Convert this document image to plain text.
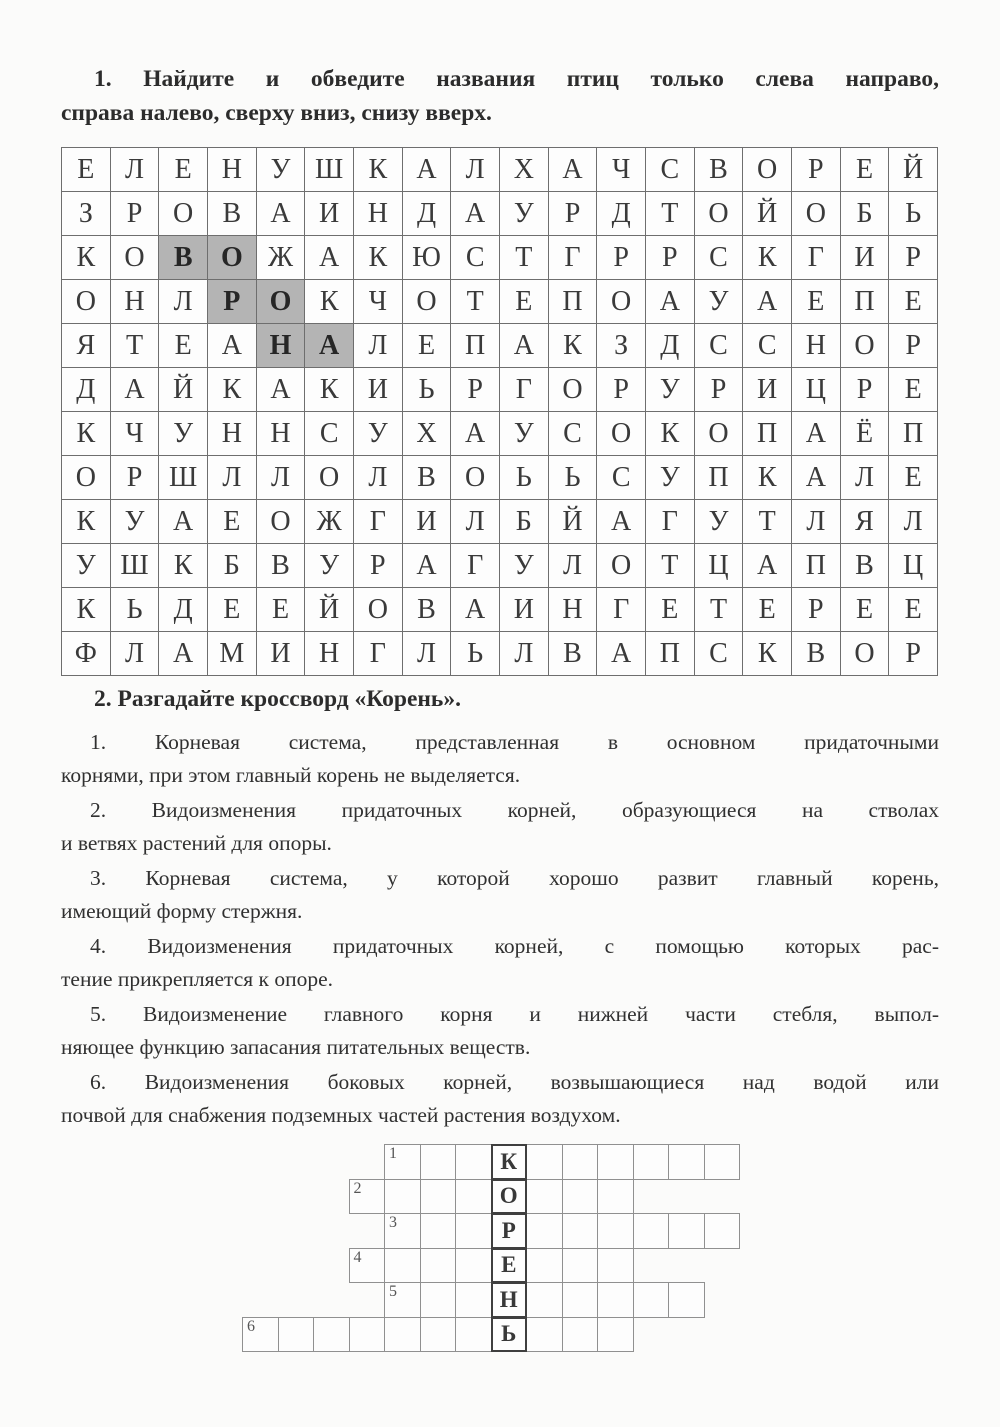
1. Найдите и обведите названия птиц только слева направо,
справа налево, сверху вниз, снизу вверх.

Е	Л	Е	Н	У Ш К	А	Л	Х	А	Ч	С	В	О	Р	Е	Й
З	Р	О	В	А	И	Н	Д	А	У	Р	Д	Т	О	Й	О	Б	Ь
К	О	В	О Ж А	К Ю С	Т	Г	Р	Р	С	К	Г	И	Р
О	Н	Л	Р	О	К	Ч	О	Т	Е	П	О	А	У	А	Е	П	Е
Я	Т	Е	А Н А	Л	Е	П	А	К	З	Д	С	С	Н	О	Р
Д	А	Й	К	А	К	И	Ь	Р	Г	О	Р	У	Р	И	Ц	Р	Е
К	Ч	У	Н	Н	С	У	Х	А	У	С	О	К	О	П	А	Ё	П
О	Р Ш Л	Л	О	Л	В	О	Ь	Ь	С	У	П	К	А	Л	Е
К	У	А	Е	О Ж	Г	И	Л	Б	Й	А	Г	У	Т	Л	Я	Л
У Ш К	Б	В	У	Р	А	Г	У	Л	О	Т	Ц	А	П	В	Ц
К	Ь	Д	Е	Е	Й	О	В	А	И	Н	Г	Е	Т	Е	Р	Е	Е
Ф	Л	А М И	Н	Г	Л	Ь	Л	В	А	П	С	К	В	О	Р

2. Разгадайте кроссворд «Корень».

1. Корневая система, представленная в основном придаточными
корнями, при этом главный корень не выделяется.

2. Видоизменения придаточных корней, образующиеся на стволах
и ветвях растений для опоры.

3. Корневая система, у которой хорошо развит главный корень,
имеющий форму стержня.

4. Видоизменения придаточных корней, с помощью которых рас-
тение прикрепляется к опоре.

5. Видоизменение главного корня и нижней части стебля, выпол-
няющее функцию запасания питательных веществ.

6. Видоизменения боковых корней, возвышающиеся над водой или
почвой для снабжения подземных частей растения воздухом.

1	К
2	О
3	Р
4	Е
5	Н
6	Ь
